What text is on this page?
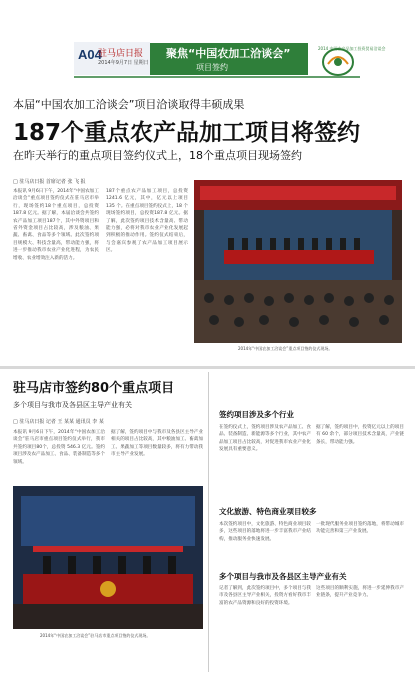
A04
驻马店日报
2014年9月7日 星期日
聚焦“中国农加工洽谈会”
项目签约
2014 中国农产品加工投资贸易洽谈会
本届“中国农加工洽谈会”项目洽谈取得丰硕成果
187个重点农产品加工项目将签约
在昨天举行的重点项目签约仪式上，18个重点项目现场签约
□ 驻马店日报 首席记者 张 飞 报
本报讯 9月6日下午，2014年“中国农加工洽谈会”重点项目签约仪式在驻马店市举行，现场签约18个重点项目，总投资 187.8 亿元。据了解，本届洽谈会共签约农产品加工项目187个，其中外资项目和省外资金项目占比较高，涉及粮油、果蔬、畜禽、食品等多个领域。此次签约项目规模大、科技含量高，带动能力强，将进一步推动我市农业产业化进程，为农民增收、农业增效注入新的活力。
187个重点农产品加工项目，总投资 1241.6 亿元，其中，亿元以上项目 135 个。在重点项目签约仪式上，18 个现场签约项目，总投资187.8 亿元。据了解，此次签约项目技术含量高、带动能力强，必将对我市农业产业化发展起到积极的推动作用。签约仪式结束后，与会嘉宾参观了农产品加工项目展示区。
2014年“中国农加工洽谈会”重点项目签约仪式现场。
驻马店市签约80个重点项目
多个项目与我市及各县区主导产业有关
□ 驻马店日报 记者 王 某某 通讯员 李 某
本报讯 9月6日下午，2014年“中国农加工洽谈会”驻马店市重点项目签约仪式举行，我市共签约项目80个，总投资 546.3 亿元。签约项目涉及农产品加工、食品、装备制造等多个领域。
据了解，签约项目中与我市及各县区主导产业相关的项目占比较高，其中粮油加工、畜禽加工、果蔬加工等项目数量较多，将有力带动我市主导产业发展。
2014年“中国农加工洽谈会”驻马店市重点项目签约仪式现场。
签约项目涉及多个行业
在签约仪式上，签约项目涉及农产品加工、食品、装备制造、新能源等多个行业，其中农产品加工项目占比较高，对促进我市农业产业化发展具有重要意义。
据了解，签约项目中，投资亿元以上的项目有 60 余个，部分项目技术含量高，产业链条长，带动能力强。
文化旅游、特色商业项目较多
本次签约项目中，文化旅游、特色商业项目较多，这些项目的落地将进一步丰富我市产业结构，推动服务业快速发展。
一批现代服务业项目签约落地，将带动城市功能完善和第三产业发展。
多个项目与我市及各县区主导产业有关
记者了解到，此次签约项目中，多个项目与我市及各县区主导产业相关，投资方看好我市丰富的农产品资源和良好的投资环境。
这些项目的顺利实施，将进一步延伸我市产业链条，提升产业竞争力。
